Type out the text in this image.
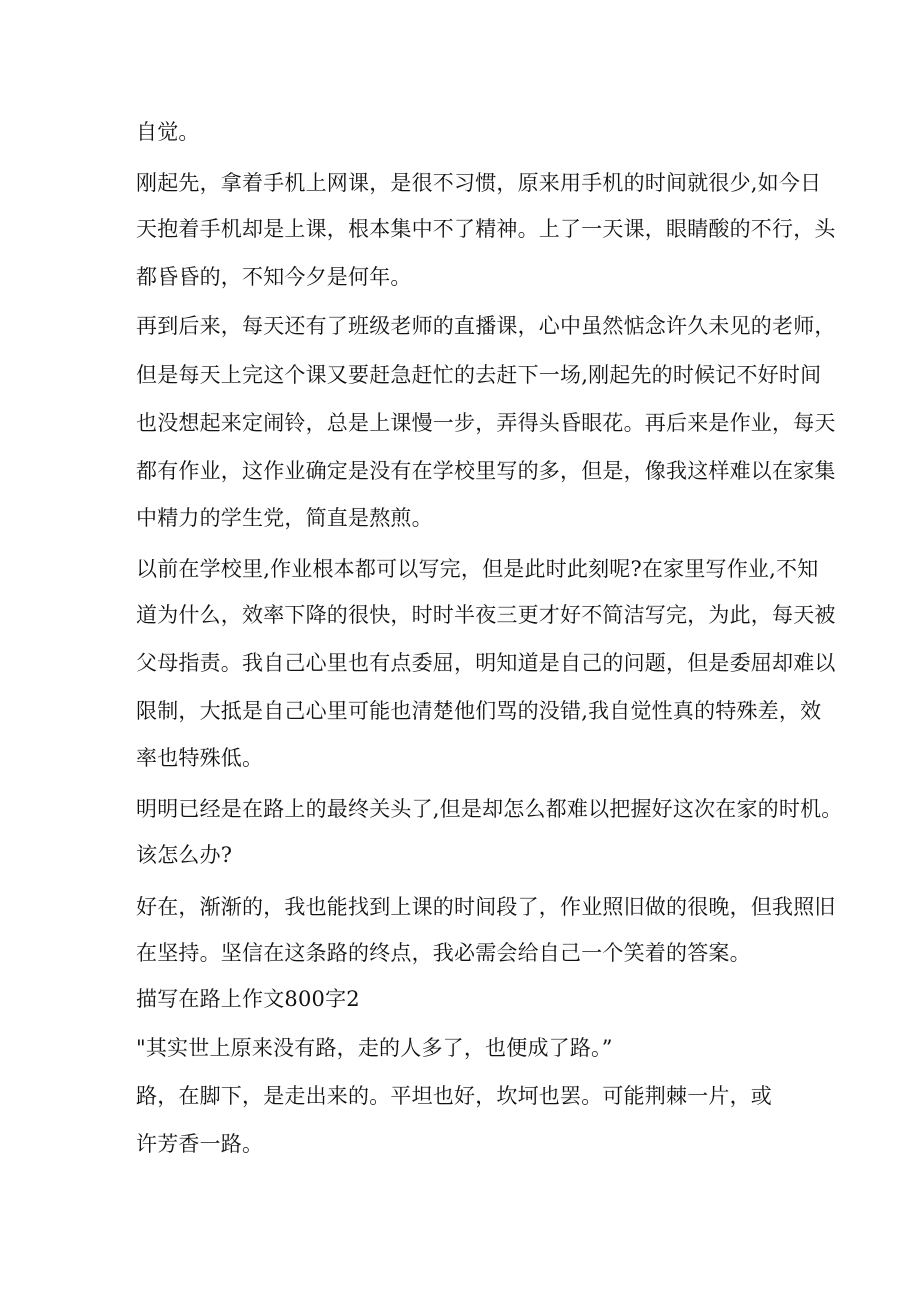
自觉。

刚起先，拿着手机上网课，是很不习惯，原来用手机的时间就很少,如今日

天抱着手机却是上课，根本集中不了精神。上了一天课，眼睛酸的不行，头

都昏昏的，不知今夕是何年。

再到后来，每天还有了班级老师的直播课，心中虽然惦念许久未见的老师，

但是每天上完这个课又要赶急赶忙的去赶下一场,刚起先的时候记不好时间

也没想起来定闹铃，总是上课慢一步，弄得头昏眼花。再后来是作业，每天

都有作业，这作业确定是没有在学校里写的多，但是，像我这样难以在家集

中精力的学生党，简直是熬煎。

以前在学校里,作业根本都可以写完，但是此时此刻呢?在家里写作业,不知

道为什么，效率下降的很快，时时半夜三更才好不简洁写完，为此，每天被

父母指责。我自己心里也有点委屈，明知道是自己的问题，但是委屈却难以

限制，大抵是自己心里可能也清楚他们骂的没错,我自觉性真的特殊差，效

率也特殊低。

明明已经是在路上的最终关头了,但是却怎么都难以把握好这次在家的时机。

该怎么办?

好在，渐渐的，我也能找到上课的时间段了，作业照旧做的很晚，但我照旧

在坚持。坚信在这条路的终点，我必需会给自己一个笑着的答案。

描写在路上作文800字2

"其实世上原来没有路，走的人多了，也便成了路。”

路，在脚下，是走出来的。平坦也好，坎坷也罢。可能荆棘一片，或

许芳香一路。
